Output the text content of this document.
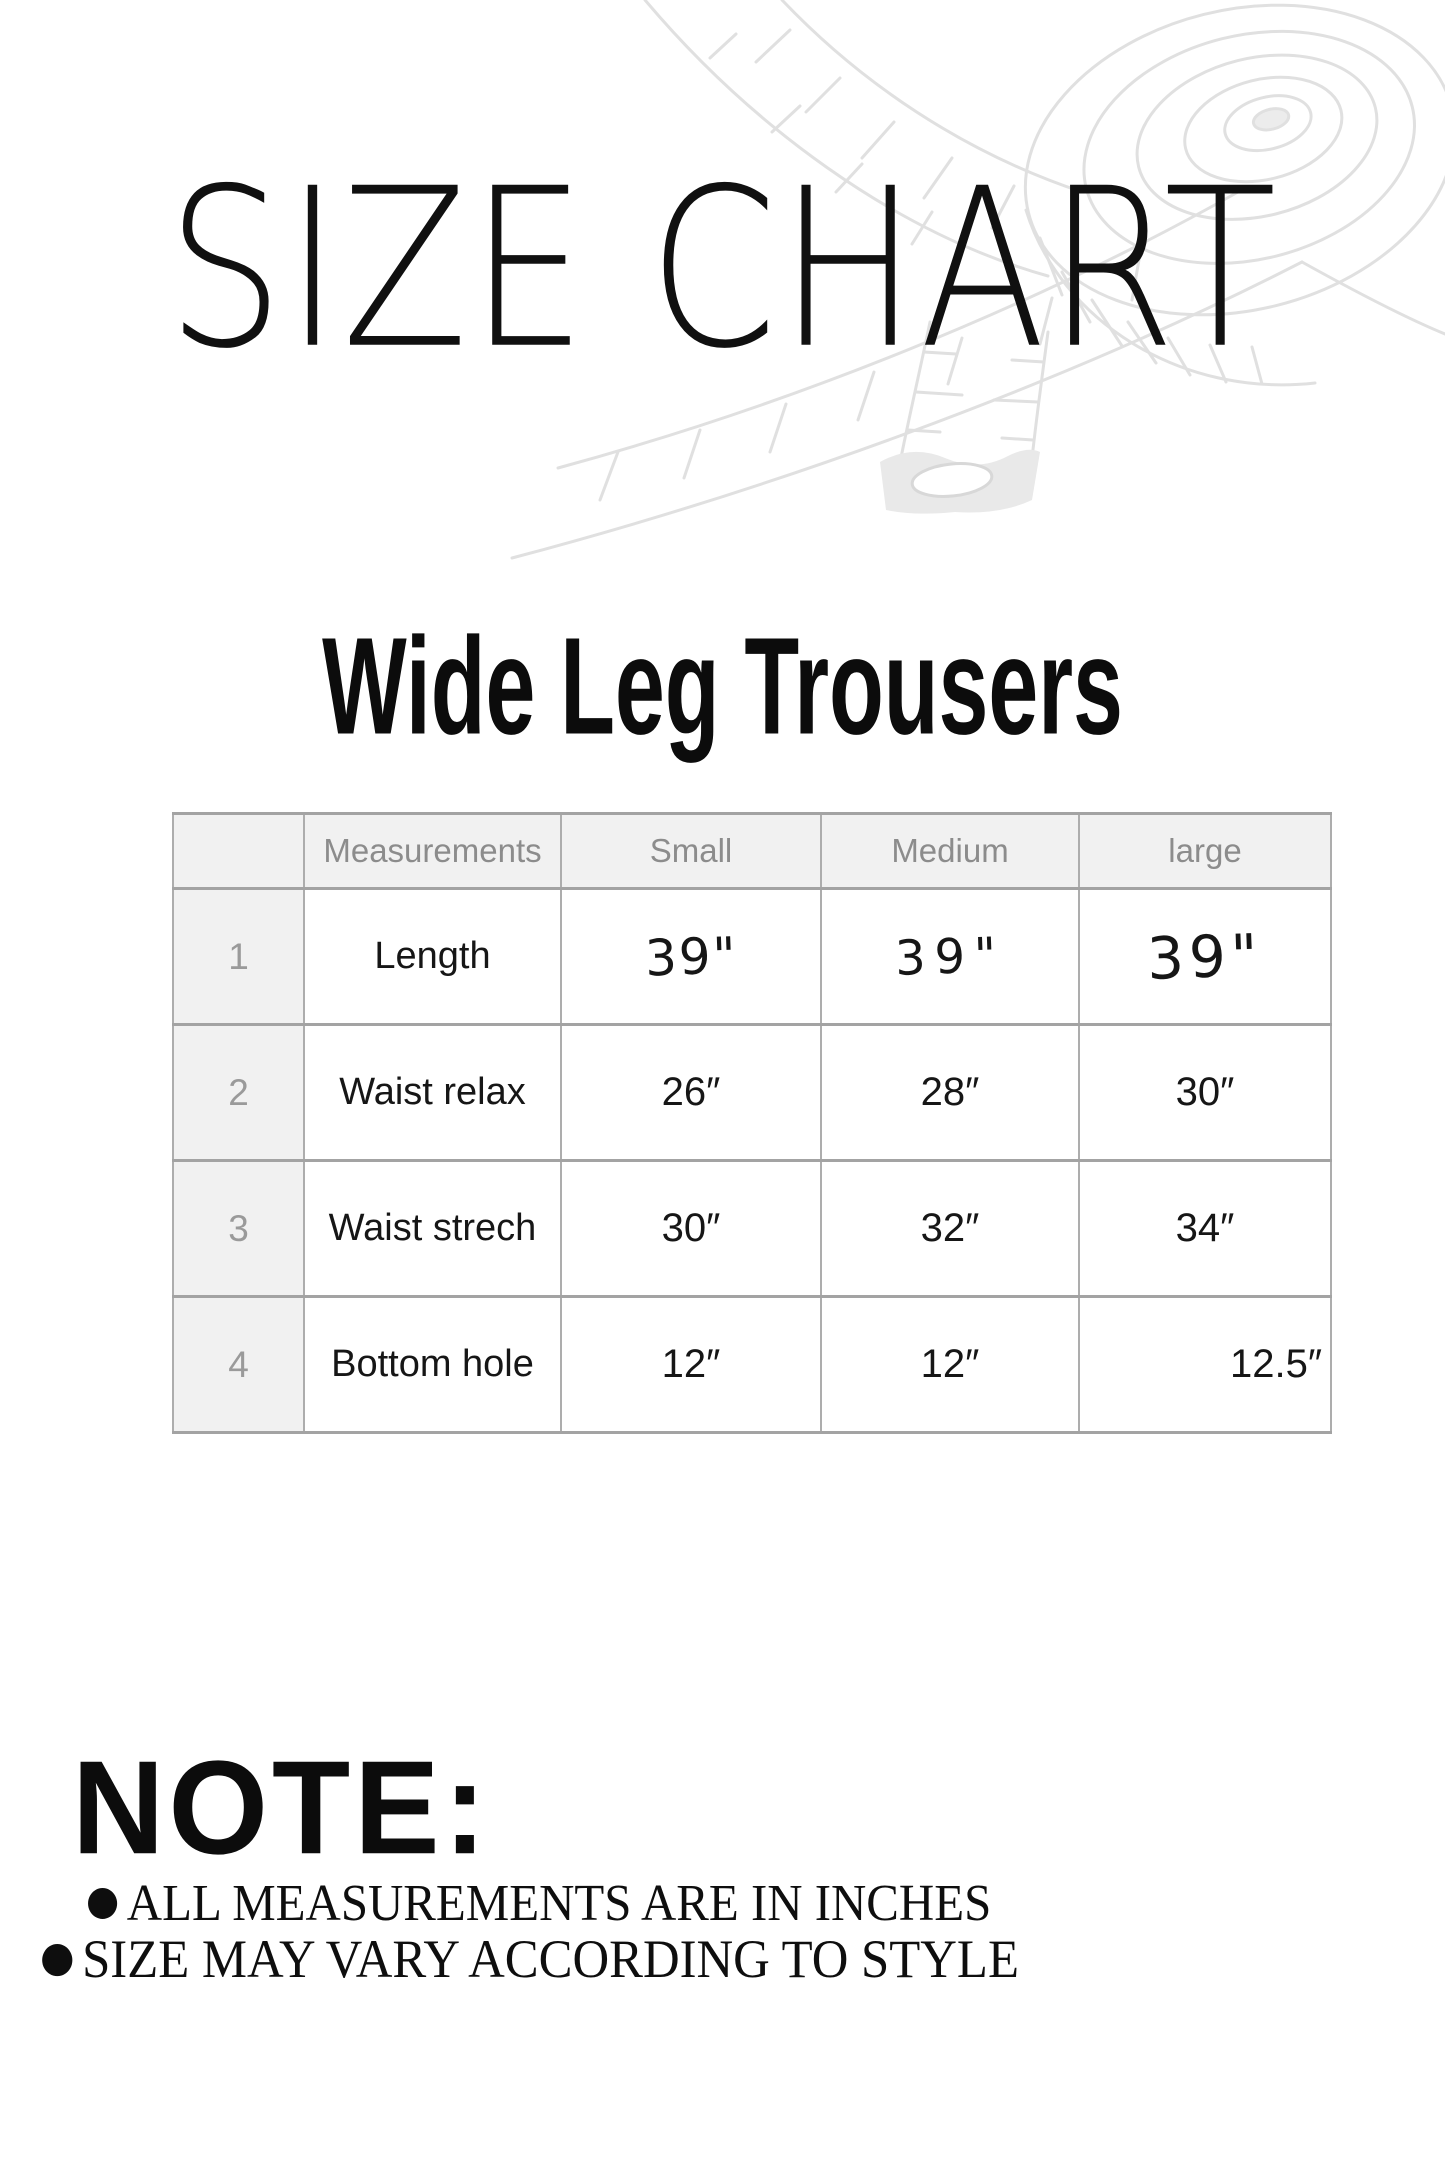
SIZE CHART
Wide Leg Trousers
	Measurements	Small	Medium	large
1	Length	39"	39"	39"
2	Waist relax	26″	28″	30″
3	Waist strech	30″	32″	34″
4	Bottom hole	12″	12″	12.5″
NOTE:
● ALL MEASUREMENTS ARE IN INCHES
● SIZE MAY VARY ACCORDING TO STYLE
